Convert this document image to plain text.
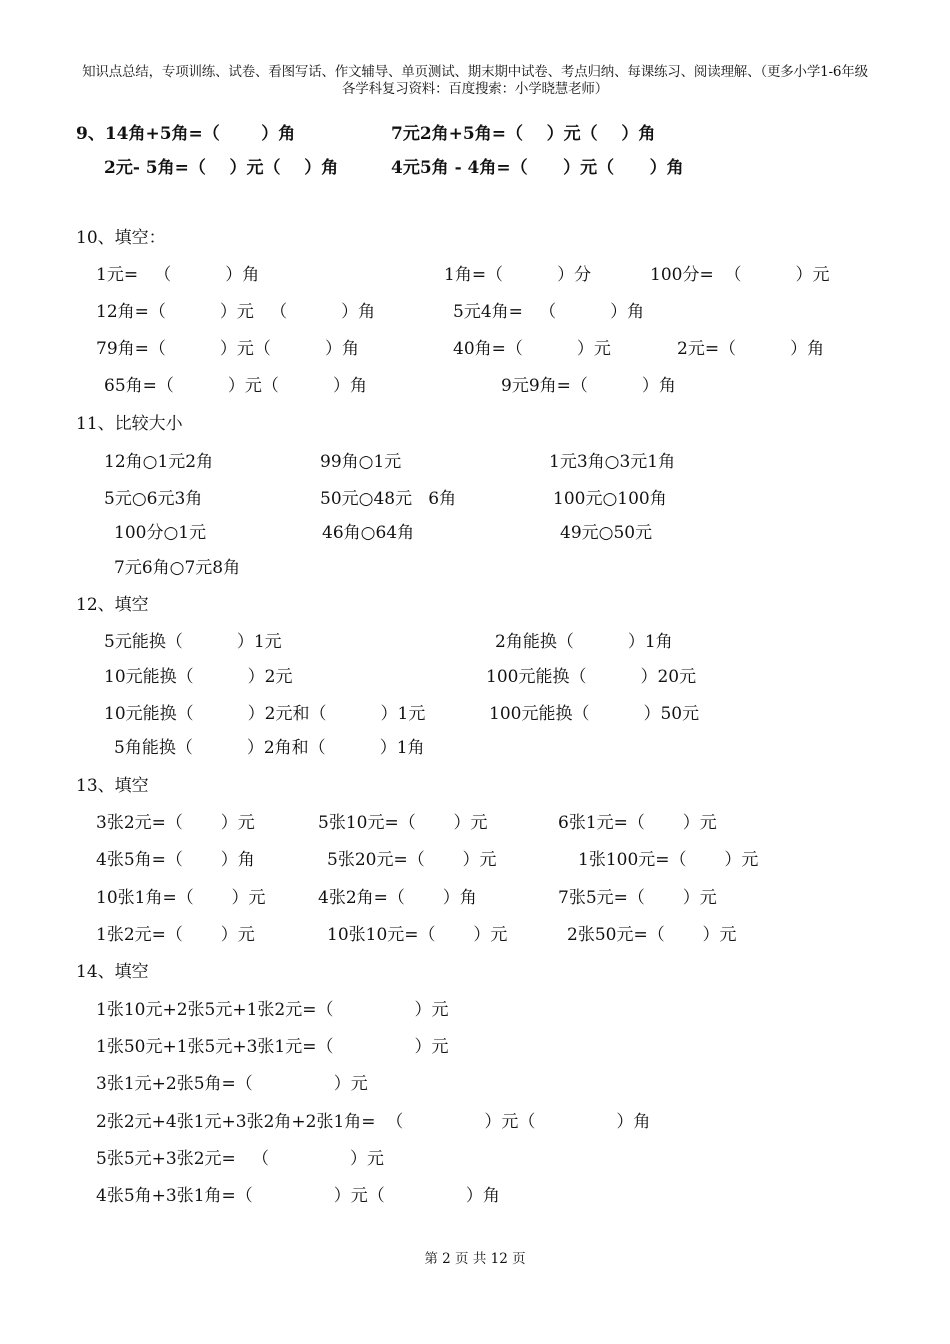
知识点总结，专项训练、试卷、看图写话、作文辅导、单页测试、期末期中试卷、考点归纳、每课练习、阅读理解、（更多小学1-6年级
各学科复习资料：百度搜索：小学晓慧老师）
9、14角+5角=（       ）角	7元2角+5角=（    ）元（    ）角
2元- 5角=（    ）元（    ）角	4元5角 - 4角=（      ）元（      ）角
10、填空：
1元=   （          ）角	1角=（          ）分	100分=  （          ）元
12角=（          ）元   （          ）角	5元4角=   （          ）角
79角=（          ）元（          ）角	40角=（          ）元	2元=（          ）角
65角=（          ）元（          ）角	9元9角=（          ）角
11、比较大小
12角○1元2角	99角○1元	1元3角○3元1角
5元○6元3角	50元○48元   6角	100元○100角
100分○1元	46角○64角	49元○50元
7元6角○7元8角
12、填空
5元能换（          ）1元	2角能换（          ）1角
10元能换（          ）2元	100元能换（          ）20元
10元能换（          ）2元和（          ）1元	100元能换（          ）50元
5角能换（          ）2角和（          ）1角
13、填空
3张2元=（       ）元	5张10元=（       ）元	6张1元=（       ）元
4张5角=（       ）角	5张20元=（       ）元	1张100元=（       ）元
10张1角=（       ）元	4张2角=（       ）角	7张5元=（       ）元
1张2元=（       ）元	10张10元=（       ）元	2张50元=（       ）元
14、填空
1张10元+2张5元+1张2元=（               ）元
1张50元+1张5元+3张1元=（               ）元
3张1元+2张5角=（               ）元
2张2元+4张1元+3张2角+2张1角=  （               ）元（               ）角
5张5元+3张2元=   （               ）元
4张5角+3张1角=（               ）元（               ）角
第 2 页 共 12 页
